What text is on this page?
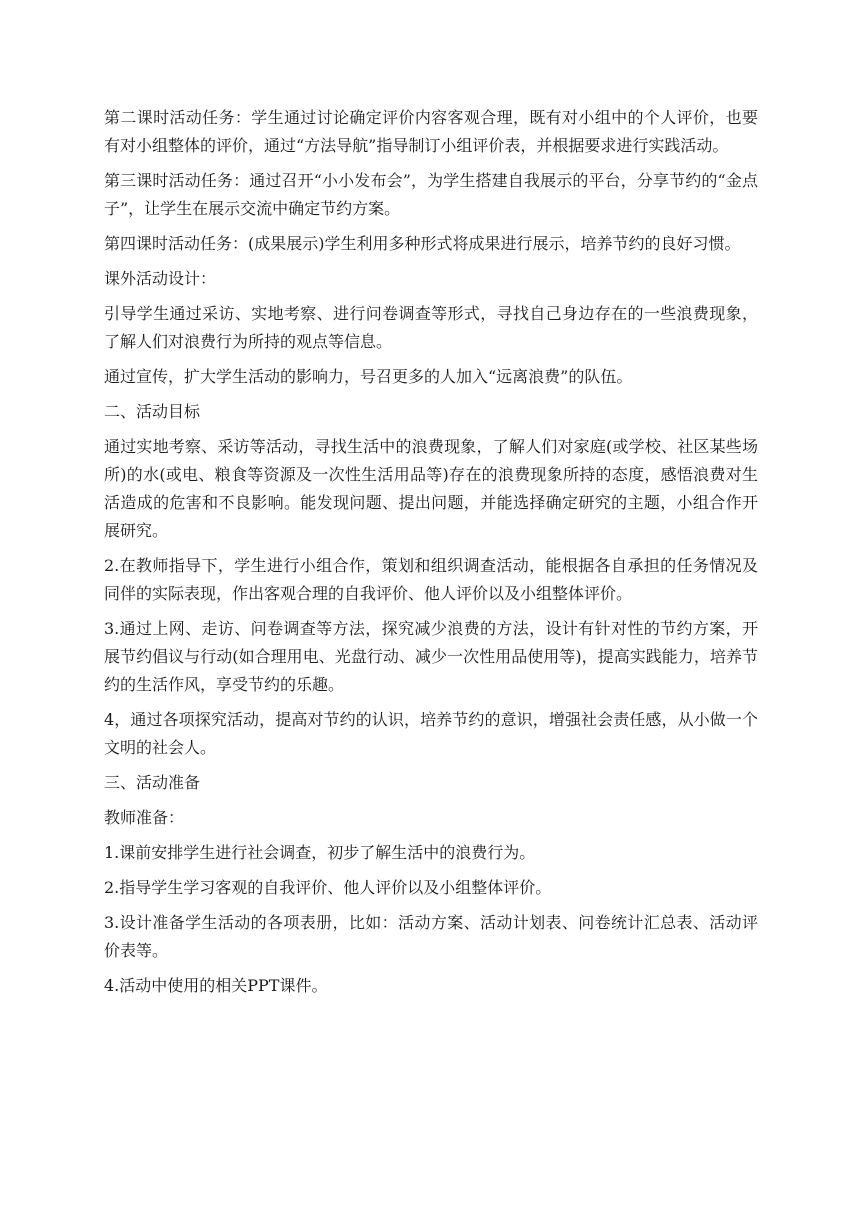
第二课时活动任务：学生通过讨论确定评价内容客观合理，既有对小组中的个人评价，也要有对小组整体的评价，通过“方法导航”指导制订小组评价表，并根据要求进行实践活动。

第三课时活动任务：通过召开“小小发布会”，为学生搭建自我展示的平台，分享节约的“金点子”，让学生在展示交流中确定节约方案。

第四课时活动任务：(成果展示)学生利用多种形式将成果进行展示，培养节约的良好习惯。

课外活动设计：

引导学生通过采访、实地考察、进行问卷调查等形式，寻找自己身边存在的一些浪费现象，了解人们对浪费行为所持的观点等信息。

通过宣传，扩大学生活动的影响力，号召更多的人加入“远离浪费”的队伍。

二、活动目标

通过实地考察、采访等活动，寻找生活中的浪费现象，了解人们对家庭(或学校、社区某些场所)的水(或电、粮食等资源及一次性生活用品等)存在的浪费现象所持的态度，感悟浪费对生活造成的危害和不良影响。能发现问题、提出问题，并能选择确定研究的主题，小组合作开展研究。

2.在教师指导下，学生进行小组合作，策划和组织调查活动，能根据各自承担的任务情况及同伴的实际表现，作出客观合理的自我评价、他人评价以及小组整体评价。

3.通过上网、走访、问卷调查等方法，探究减少浪费的方法，设计有针对性的节约方案，开展节约倡议与行动(如合理用电、光盘行动、减少一次性用品使用等)，提高实践能力，培养节约的生活作风，享受节约的乐趣。

4，通过各项探究活动，提高对节约的认识，培养节约的意识，增强社会责任感，从小做一个文明的社会人。

三、活动准备

教师准备：

1.课前安排学生进行社会调查，初步了解生活中的浪费行为。

2.指导学生学习客观的自我评价、他人评价以及小组整体评价。

3.设计准备学生活动的各项表册，比如：活动方案、活动计划表、问卷统计汇总表、活动评价表等。

4.活动中使用的相关PPT课件。
